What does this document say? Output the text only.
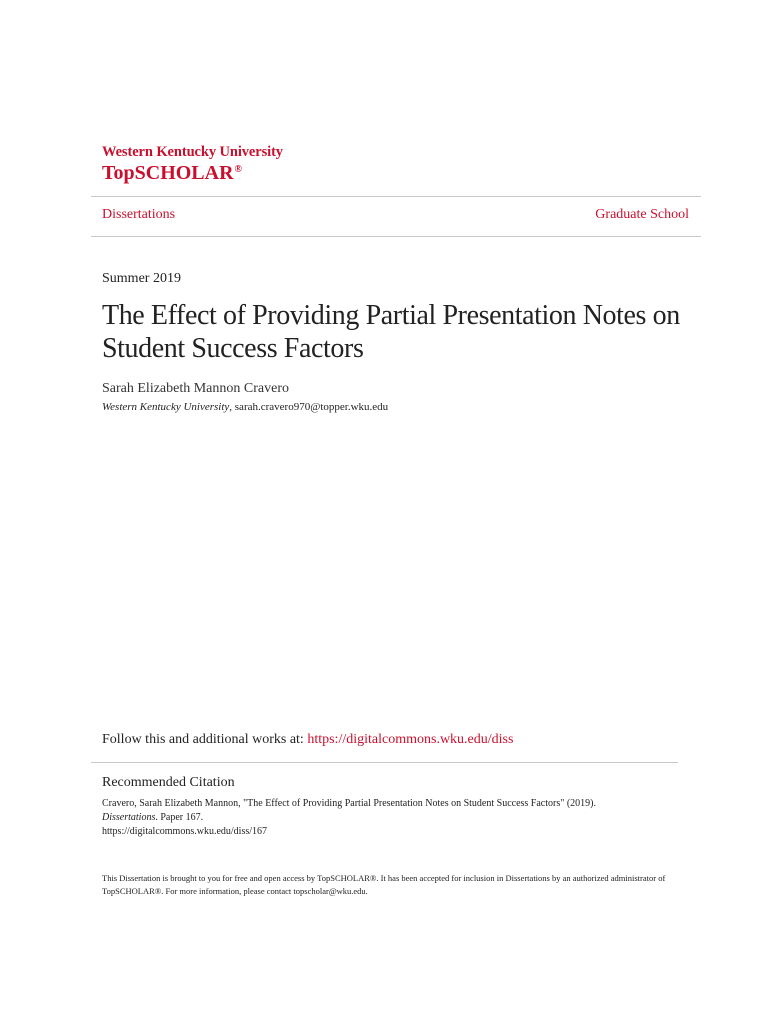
Western Kentucky University
TopSCHOLAR®
Dissertations	Graduate School
Summer 2019
The Effect of Providing Partial Presentation Notes on Student Success Factors
Sarah Elizabeth Mannon Cravero
Western Kentucky University, sarah.cravero970@topper.wku.edu
Follow this and additional works at: https://digitalcommons.wku.edu/diss
Recommended Citation
Cravero, Sarah Elizabeth Mannon, "The Effect of Providing Partial Presentation Notes on Student Success Factors" (2019).
Dissertations. Paper 167.
https://digitalcommons.wku.edu/diss/167
This Dissertation is brought to you for free and open access by TopSCHOLAR®. It has been accepted for inclusion in Dissertations by an authorized administrator of TopSCHOLAR®. For more information, please contact topscholar@wku.edu.
